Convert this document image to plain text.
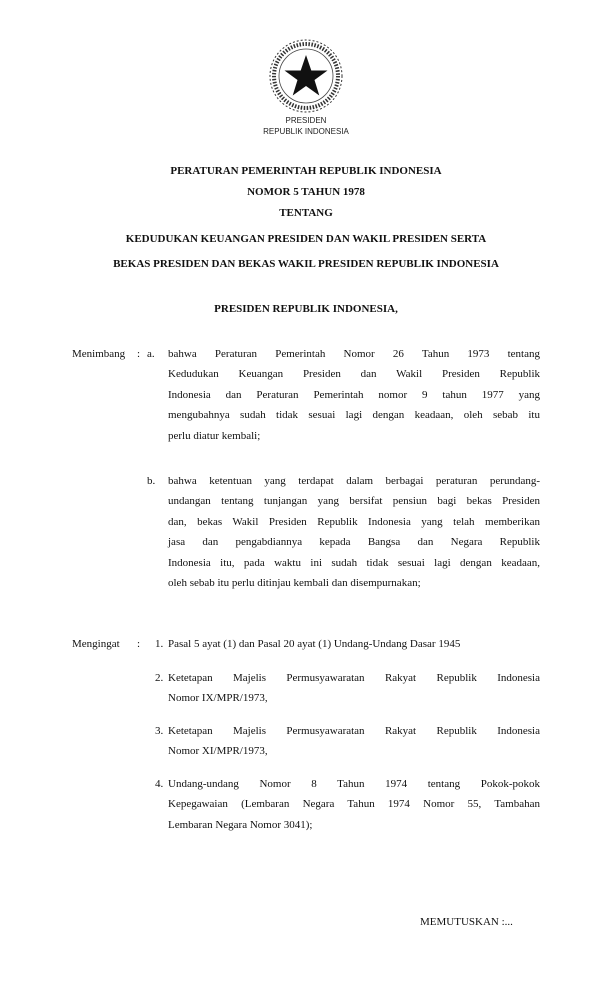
PRESIDEN
REPUBLIK INDONESIA
PERATURAN PEMERINTAH REPUBLIK INDONESIA
NOMOR 5 TAHUN 1978
TENTANG
KEDUDUKAN KEUANGAN PRESIDEN DAN WAKIL PRESIDEN SERTA
BEKAS PRESIDEN DAN BEKAS WAKIL PRESIDEN REPUBLIK INDONESIA
PRESIDEN REPUBLIK INDONESIA,
Menimbang : a. bahwa Peraturan Pemerintah Nomor 26 Tahun 1973 tentang
Kedudukan Keuangan Presiden dan Wakil Presiden Republik
Indonesia dan Peraturan Pemerintah nomor 9 tahun 1977 yang
mengubahnya sudah tidak sesuai lagi dengan keadaan, oleh sebab itu
perlu diatur kembali;
b. bahwa ketentuan yang terdapat dalam berbagai peraturan perundang-
undangan tentang tunjangan yang bersifat pensiun bagi bekas Presiden
dan, bekas Wakil Presiden Republik Indonesia yang telah memberikan
jasa dan pengabdiannya kepada Bangsa dan Negara Republik
Indonesia itu, pada waktu ini sudah tidak sesuai lagi dengan keadaan,
oleh sebab itu perlu ditinjau kembali dan disempurnakan;
Mengingat : 1. Pasal 5 ayat (1) dan Pasal 20 ayat (1) Undang-Undang Dasar 1945
2. Ketetapan Majelis Permusyawaratan Rakyat Republik Indonesia
Nomor IX/MPR/1973,
3. Ketetapan Majelis Permusyawaratan Rakyat Republik Indonesia
Nomor XI/MPR/1973,
4. Undang-undang Nomor 8 Tahun 1974 tentang Pokok-pokok
Kepegawaian (Lembaran Negara Tahun 1974 Nomor 55, Tambahan
Lembaran Negara Nomor 3041);
MEMUTUSKAN :...
